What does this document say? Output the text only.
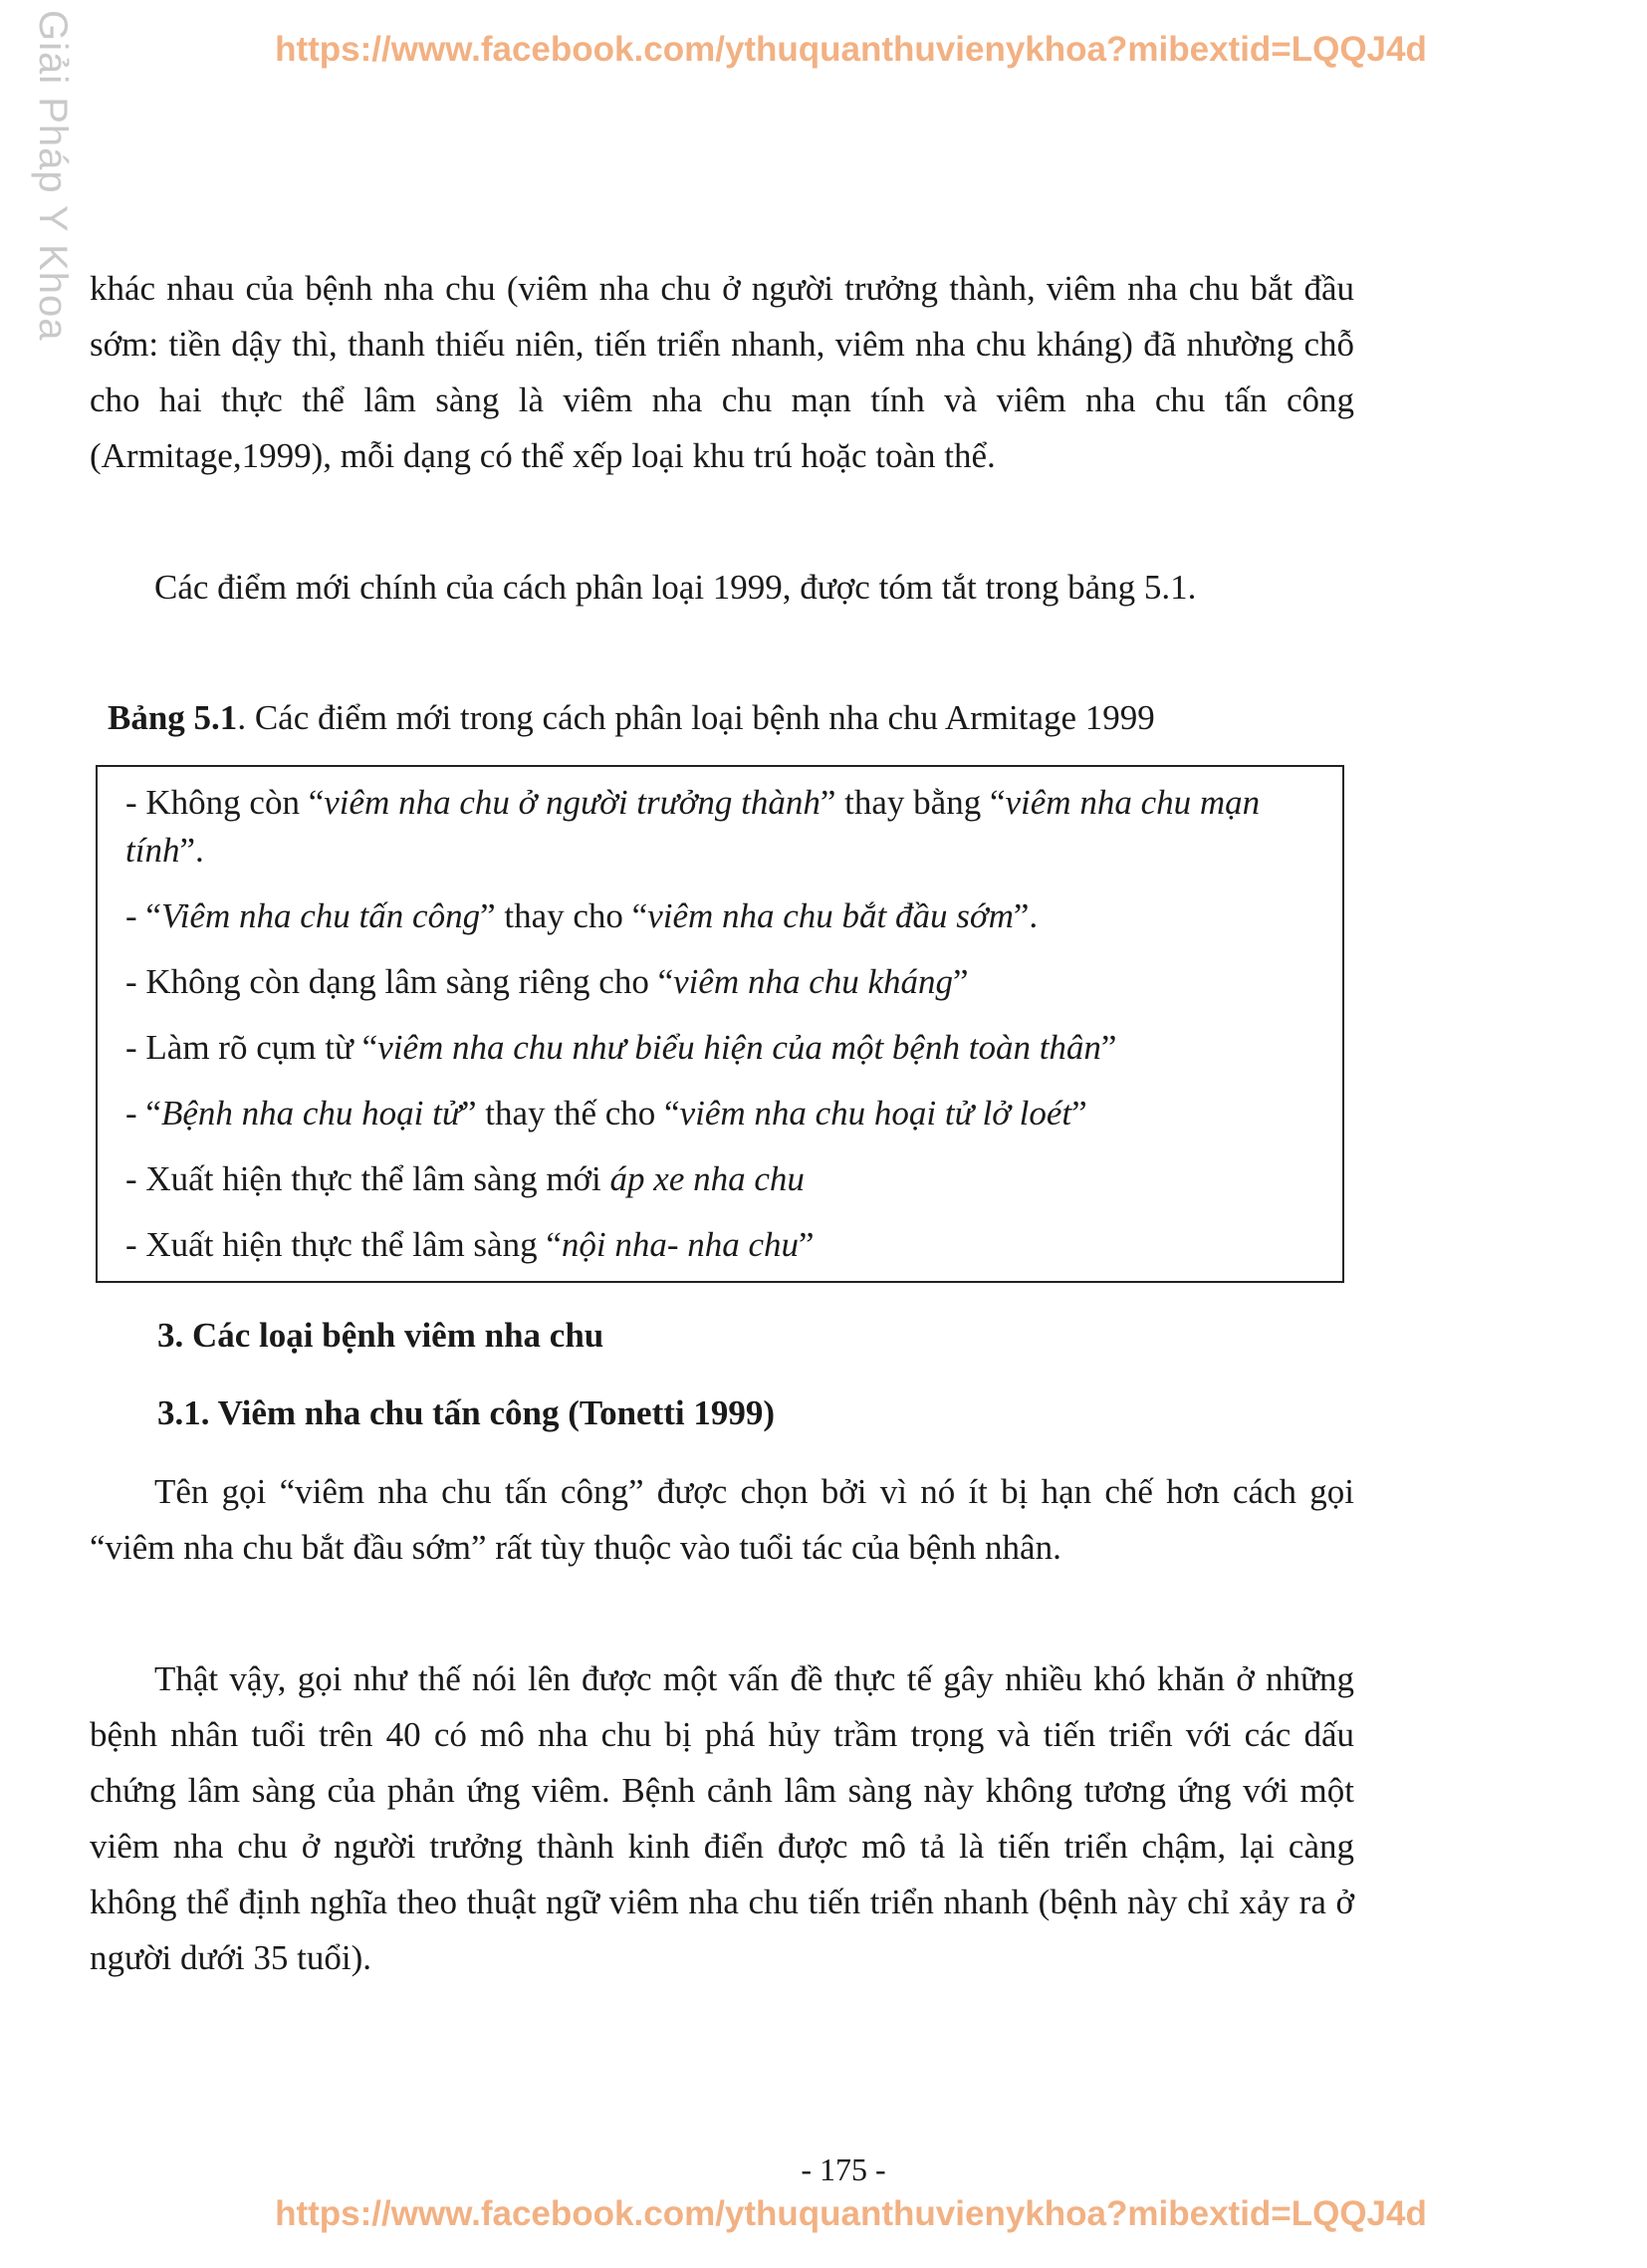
Giải Pháp Y Khoa	https://www.facebook.com/ythuquanthuvienykhoa?mibextid=LQQJ4d

khác nhau của bệnh nha chu (viêm nha chu ở người trưởng thành, viêm nha chu bắt đầu sớm: tiền dậy thì, thanh thiếu niên, tiến triển nhanh, viêm nha chu kháng) đã nhường chỗ cho hai thực thể lâm sàng là viêm nha chu mạn tính và viêm nha chu tấn công (Armitage,1999), mỗi dạng có thể xếp loại khu trú hoặc toàn thể.

Các điểm mới chính của cách phân loại 1999, được tóm tắt trong bảng 5.1.

Bảng 5.1. Các điểm mới trong cách phân loại bệnh nha chu Armitage 1999
- Không còn “viêm nha chu ở người trưởng thành” thay bằng “viêm nha chu mạn tính”.
- “Viêm nha chu tấn công” thay cho “viêm nha chu bắt đầu sớm”.
- Không còn dạng lâm sàng riêng cho “viêm nha chu kháng”
- Làm rõ cụm từ “viêm nha chu như biểu hiện của một bệnh toàn thân”
- “Bệnh nha chu hoại tử” thay thế cho “viêm nha chu hoại tử lở loét”
- Xuất hiện thực thể lâm sàng mới áp xe nha chu
- Xuất hiện thực thể lâm sàng “nội nha- nha chu”
3. Các loại bệnh viêm nha chu
3.1. Viêm nha chu tấn công (Tonetti 1999)

Tên gọi “viêm nha chu tấn công” được chọn bởi vì nó ít bị hạn chế hơn cách gọi “viêm nha chu bắt đầu sớm” rất tùy thuộc vào tuổi tác của bệnh nhân.

Thật vậy, gọi như thế nói lên được một vấn đề thực tế gây nhiều khó khăn ở những bệnh nhân tuổi trên 40 có mô nha chu bị phá hủy trầm trọng và tiến triển với các dấu chứng lâm sàng của phản ứng viêm. Bệnh cảnh lâm sàng này không tương ứng với một viêm nha chu ở người trưởng thành kinh điển được mô tả là tiến triển chậm, lại càng không thể định nghĩa theo thuật ngữ viêm nha chu tiến triển nhanh (bệnh này chỉ xảy ra ở người dưới 35 tuổi).

- 175 -
https://www.facebook.com/ythuquanthuvienykhoa?mibextid=LQQJ4d
